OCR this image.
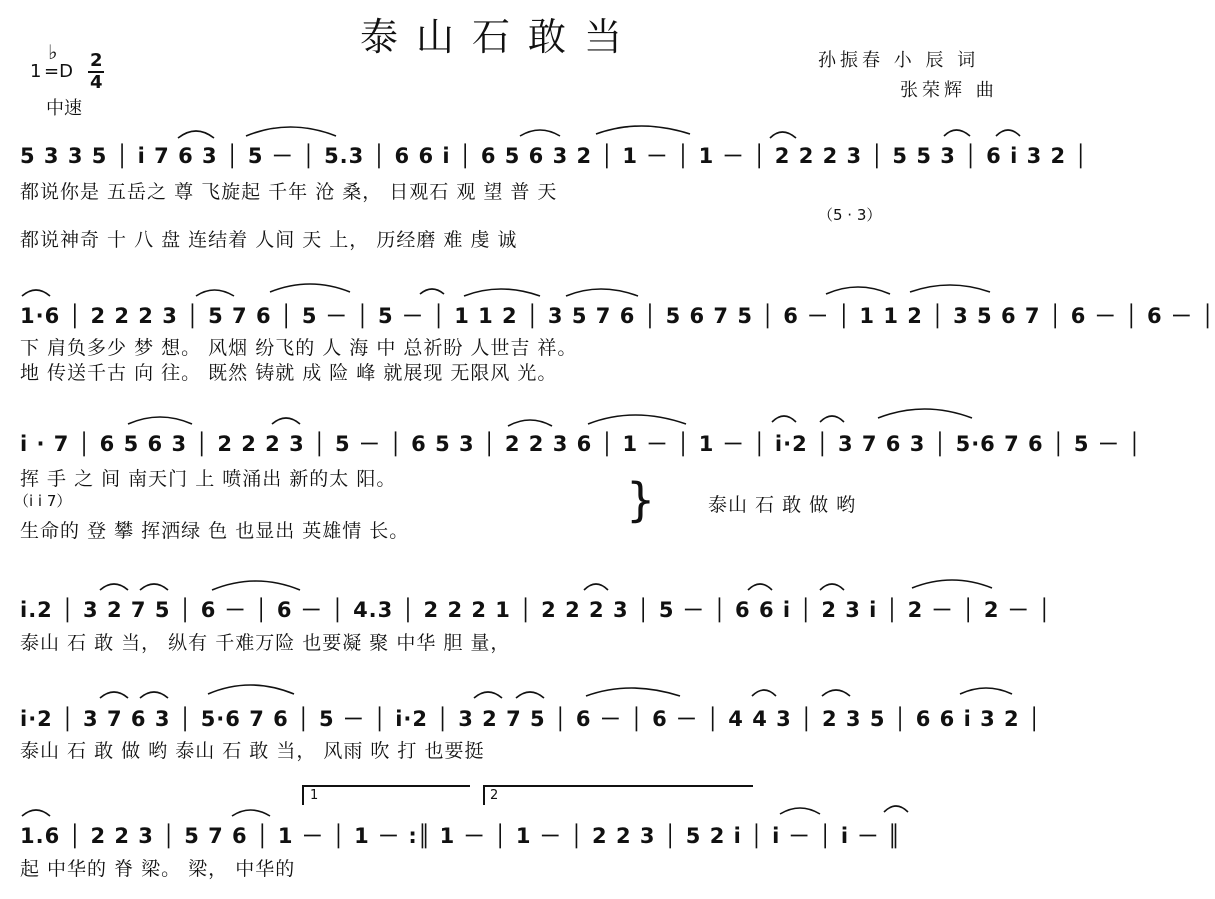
泰山石敢当
孙振春 小 辰 词
张荣辉 曲
1
♭
=D
2
4
中速
5 3 3 5 │ i 7 6 3 │ 5 － │ 5.3 │ 6 6 i │ 6 5 6 3 2 │ 1 － │ 1 － │ 2 2 2 3 │ 5 5 3 │ 6 i 3 2 │
都说你是 五岳之 尊 飞旋起 千年 沧 桑， 日观石 观 望 普 天
（5 · 3）
都说神奇 十 八 盘 连结着 人间 天 上， 历经磨 难 虔 诚
1·6 │ 2 2 2 3 │ 5 7 6 │ 5 － │ 5 － │ 1 1 2 │ 3 5 7 6 │ 5 6 7 5 │ 6 － │ 1 1 2 │ 3 5 6 7 │ 6 － │ 6 － │
下 肩负多少 梦 想。 风烟 纷飞的 人 海 中 总祈盼 人世吉 祥。
地 传送千古 向 往。 既然 铸就 成 险 峰 就展现 无限风 光。
i · 7 │ 6 5 6 3 │ 2 2 2 3 │ 5 － │ 6 5 3 │ 2 2 3 6 │ 1 － │ 1 － │ i·2 │ 3 7 6 3 │ 5·6 7 6 │ 5 － │
挥 手 之 间 南天门 上 喷涌出 新的太 阳。
（i i 7）
生命的 登 攀 挥洒绿 色 也显出 英雄情 长。
}	泰山 石 敢 做 哟
i.2 │ 3 2 7 5 │ 6 － │ 6 － │ 4.3 │ 2 2 2 1 │ 2 2 2 3 │ 5 － │ 6 6 i │ 2 3 i │ 2 － │ 2 － │
泰山 石 敢 当， 纵有 千难万险 也要凝 聚 中华 胆 量，
i·2 │ 3 7 6 3 │ 5·6 7 6 │ 5 － │ i·2 │ 3 2 7 5 │ 6 － │ 6 － │ 4 4 3 │ 2 3 5 │ 6 6 i 3 2 │
泰山 石 敢 做 哟 泰山 石 敢 当， 风雨 吹 打 也要挺
1	2
1.6 │ 2 2 3 │ 5 7 6 │ 1 － │ 1 － :║ 1 － │ 1 － │ 2 2 3 │ 5 2 i │ i － │ i － ║
起 中华的 脊 梁。 梁， 中华的
